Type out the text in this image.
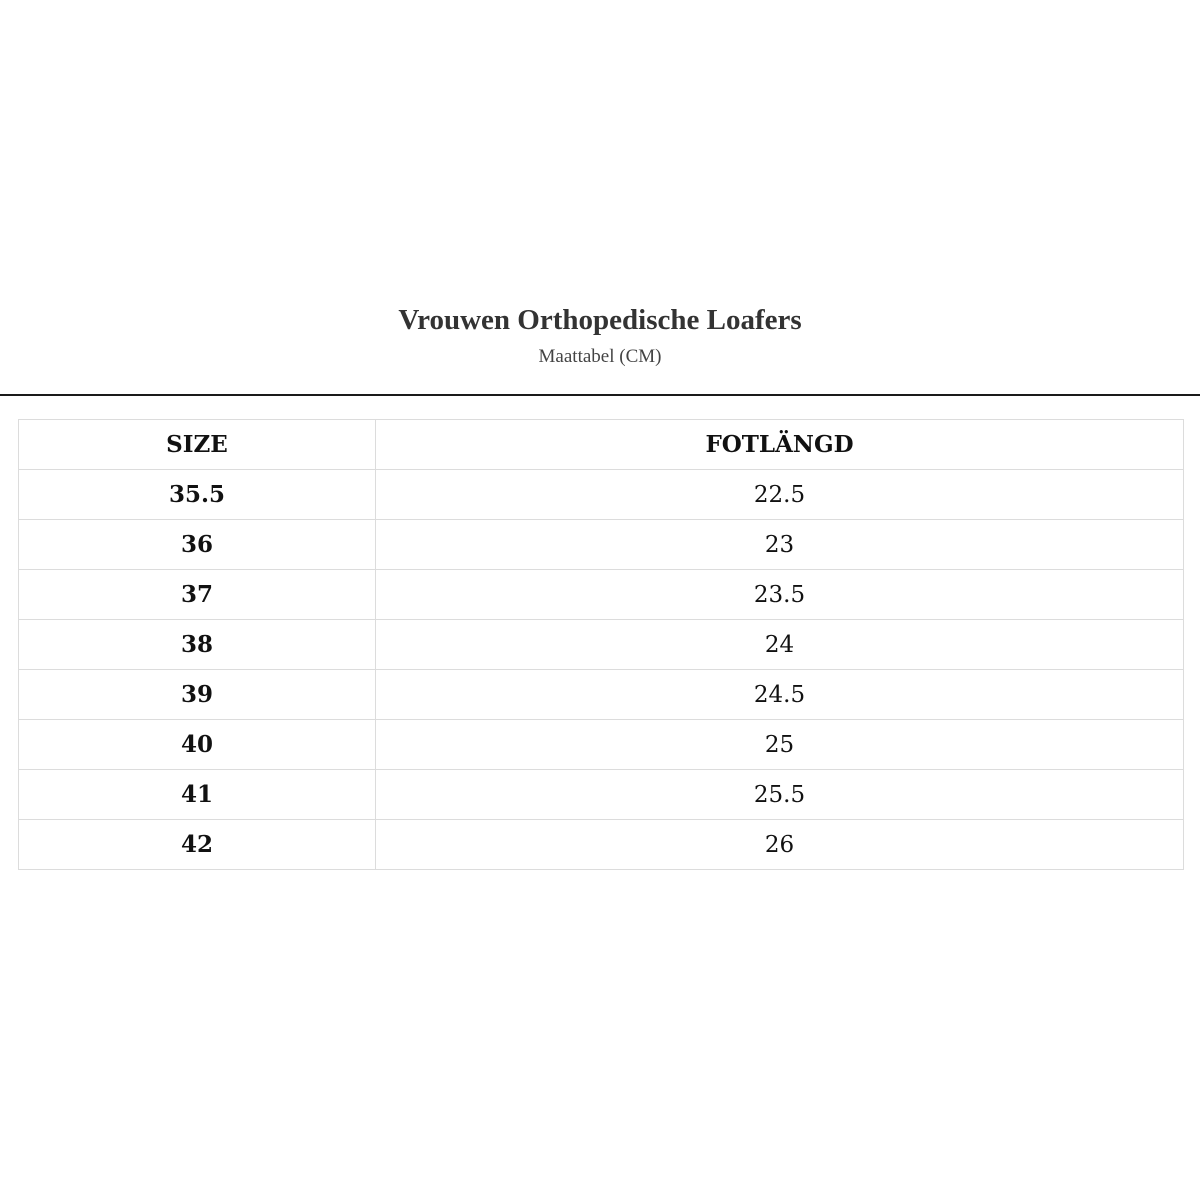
Vrouwen Orthopedische Loafers
Maattabel (CM)
SIZE	FOTLÄNGD
35.5	22.5
36	23
37	23.5
38	24
39	24.5
40	25
41	25.5
42	26
